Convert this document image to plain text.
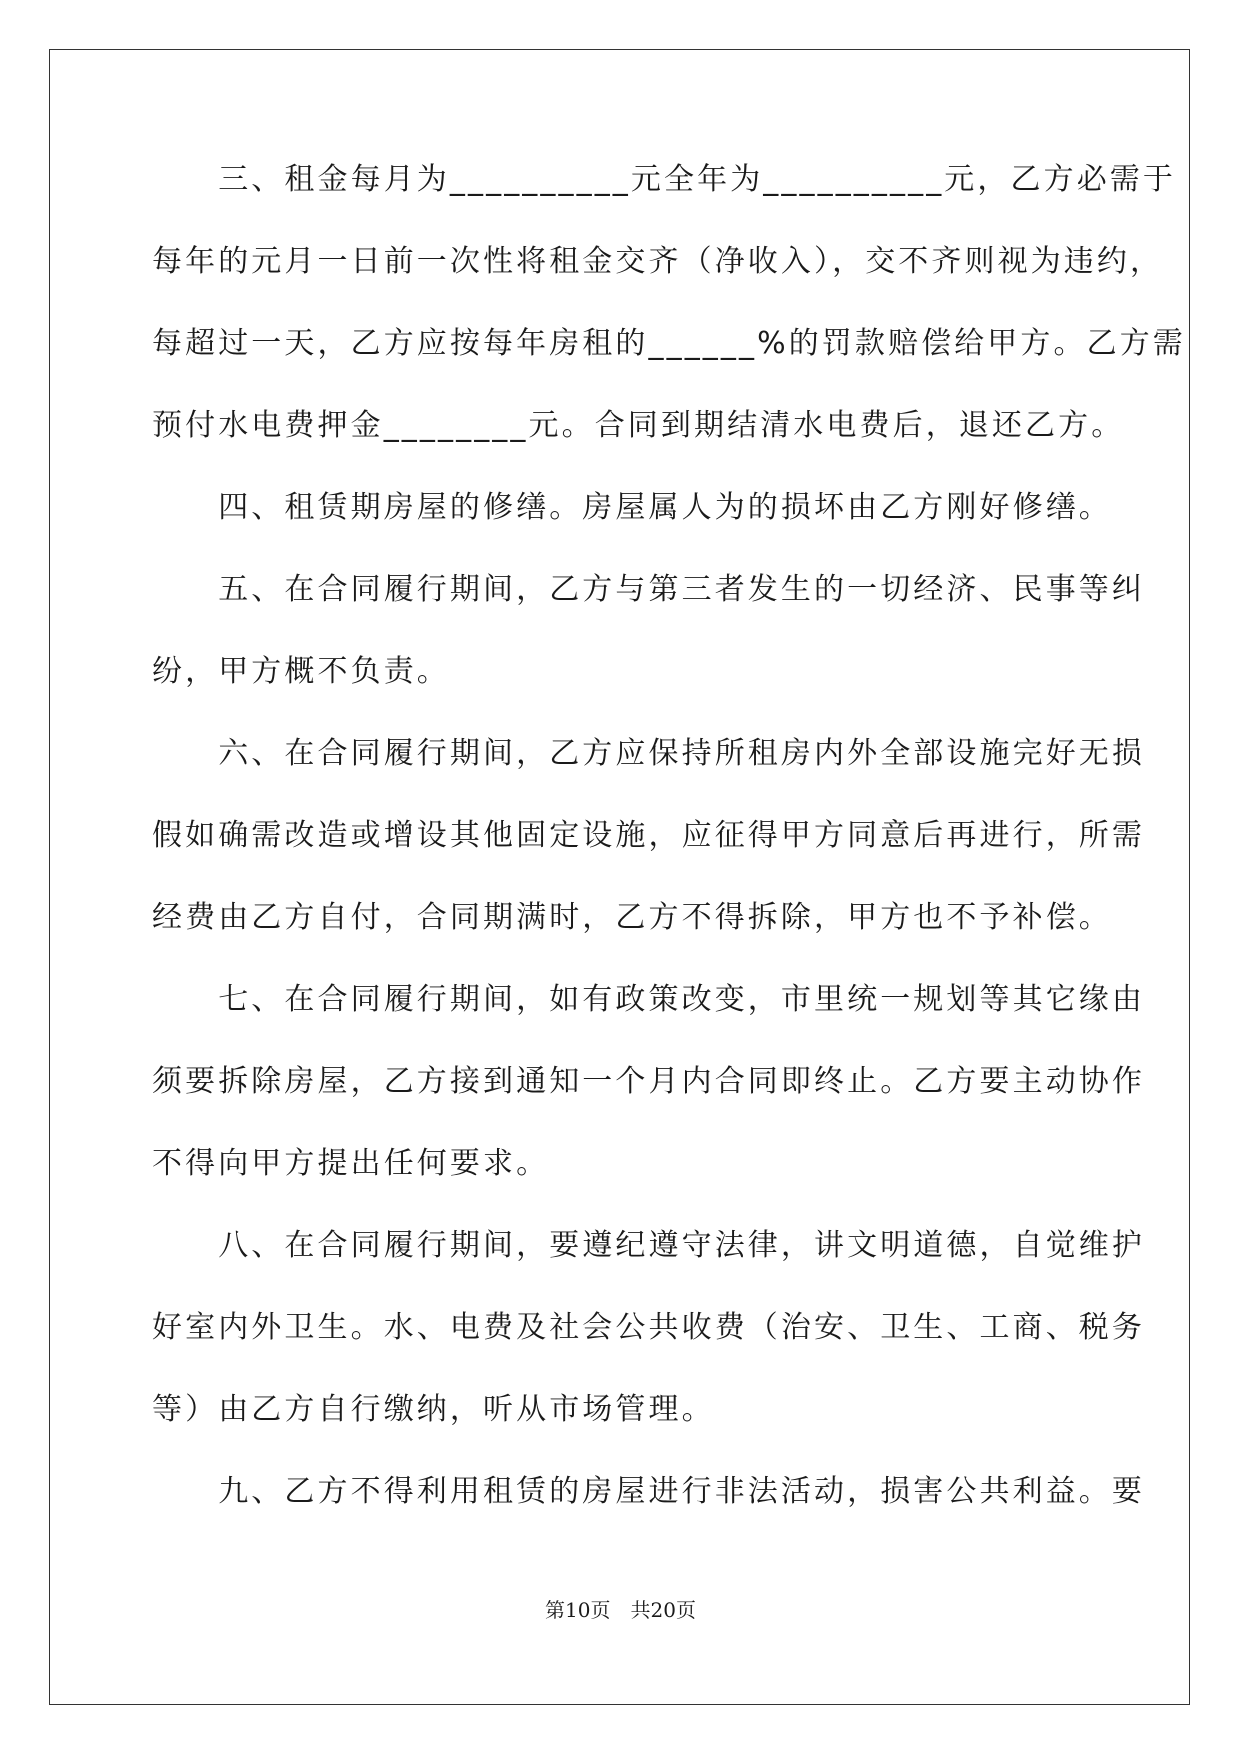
　　三、租金每月为__________元全年为__________元，乙方必需于
每年的元月一日前一次性将租金交齐（净收入），交不齐则视为违约，
每超过一天，乙方应按每年房租的______%的罚款赔偿给甲方。乙方需
预付水电费押金________元。合同到期结清水电费后，退还乙方。
　　四、租赁期房屋的修缮。房屋属人为的损坏由乙方刚好修缮。
　　五、在合同履行期间，乙方与第三者发生的一切经济、民事等纠
纷，甲方概不负责。
　　六、在合同履行期间，乙方应保持所租房内外全部设施完好无损
假如确需改造或增设其他固定设施，应征得甲方同意后再进行，所需
经费由乙方自付，合同期满时，乙方不得拆除，甲方也不予补偿。
　　七、在合同履行期间，如有政策改变，市里统一规划等其它缘由
须要拆除房屋，乙方接到通知一个月内合同即终止。乙方要主动协作
不得向甲方提出任何要求。
　　八、在合同履行期间，要遵纪遵守法律，讲文明道德，自觉维护
好室内外卫生。水、电费及社会公共收费（治安、卫生、工商、税务
等）由乙方自行缴纳，听从市场管理。
　　九、乙方不得利用租赁的房屋进行非法活动，损害公共利益。要
第10页　共20页
